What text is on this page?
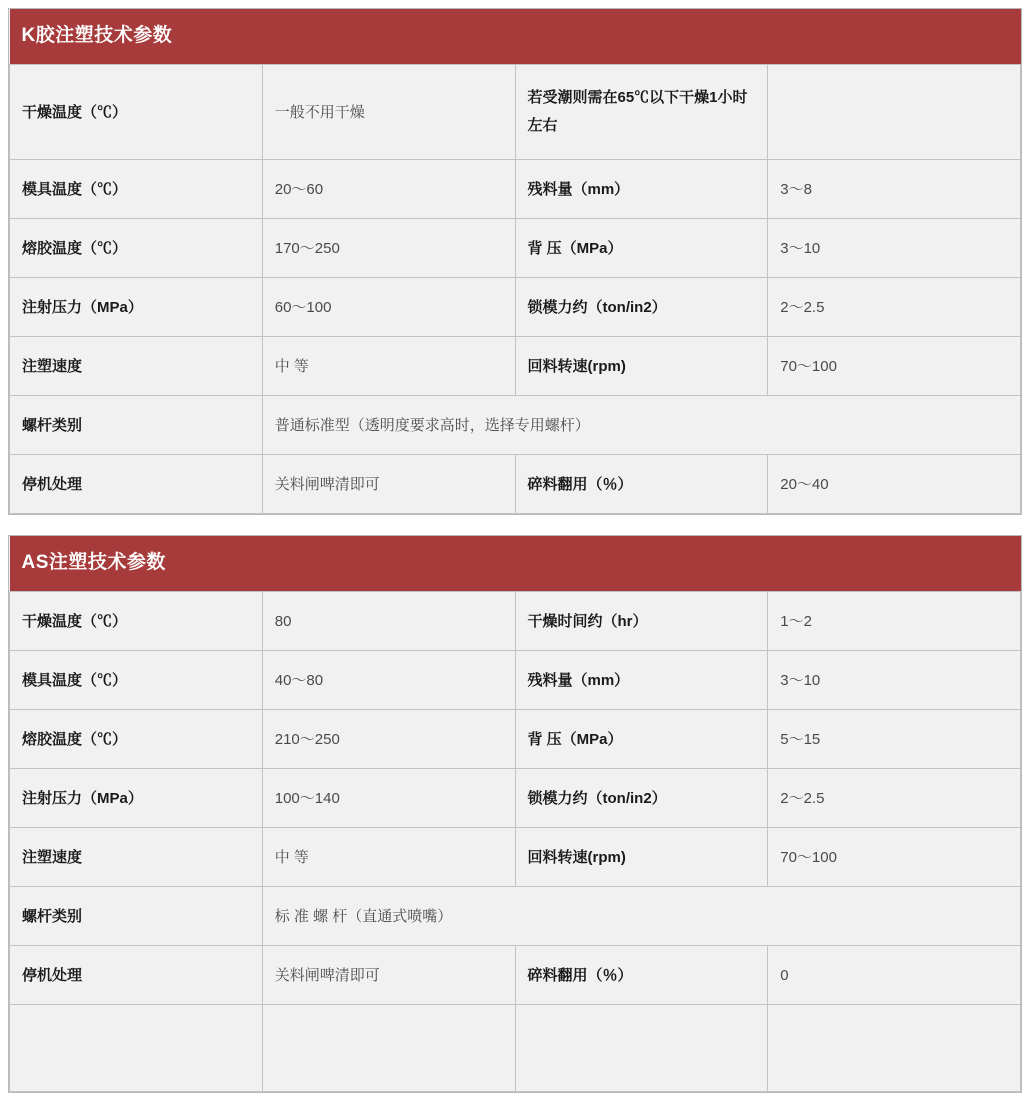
K胶注塑技术参数			
干燥温度（℃）	一般不用干燥	若受潮则需在65℃以下干燥1小时左右	
模具温度（℃）	20～60	残料量（mm）	3～8
熔胶温度（℃）	170～250	背 压（MPa）	3～10
注射压力（MPa）	60～100	锁模力约（ton/in2）	2～2.5
注塑速度	中 等	回料转速(rpm)	70～100
螺杆类别	普通标准型（透明度要求高时，选择专用螺杆）		
停机处理	关料闸啤清即可	碎料翻用（％）	20～40
AS注塑技术参数			
干燥温度（℃）	80	干燥时间约（hr）	1～2
模具温度（℃）	40～80	残料量（mm）	3～10
熔胶温度（℃）	210～250	背 压（MPa）	5～15
注射压力（MPa）	100～140	锁模力约（ton/in2）	2～2.5
注塑速度	中 等	回料转速(rpm)	70～100
螺杆类别	标 准 螺 杆（直通式喷嘴）		
停机处理	关料闸啤清即可	碎料翻用（％）	0
